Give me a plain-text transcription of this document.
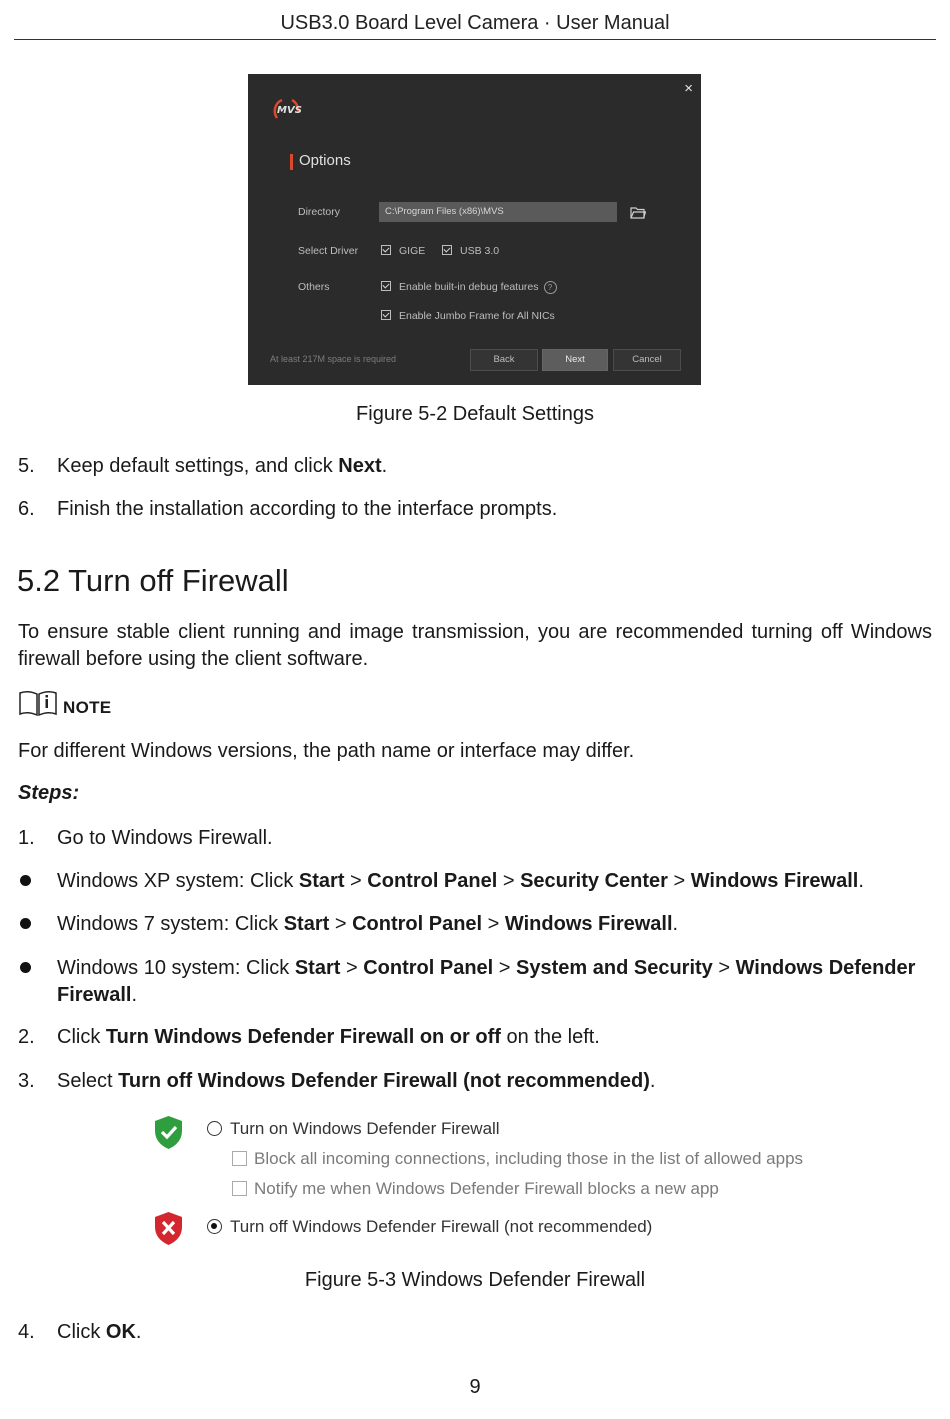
USB3.0 Board Level Camera · User Manual
MVS
×
Options
Directory	C:\Program Files (x86)\MVS
Select Driver	GIGE	USB 3.0
Others	Enable built-in debug features ?
Enable Jumbo Frame for All NICs
At least 217M space is required	Back	Next	Cancel
Figure 5-2 Default Settings
5. Keep default settings, and click Next.
6. Finish the installation according to the interface prompts.
5.2 Turn off Firewall
To ensure stable client running and image transmission, you are recommended turning off Windows firewall before using the client software.
NOTE
For different Windows versions, the path name or interface may differ.
Steps:
1. Go to Windows Firewall.
Windows XP system: Click Start > Control Panel > Security Center > Windows Firewall.
Windows 7 system: Click Start > Control Panel > Windows Firewall.
Windows 10 system: Click Start > Control Panel > System and Security > Windows Defender
Firewall.
2. Click Turn Windows Defender Firewall on or off on the left.
3. Select Turn off Windows Defender Firewall (not recommended).
Turn on Windows Defender Firewall
Block all incoming connections, including those in the list of allowed apps
Notify me when Windows Defender Firewall blocks a new app
Turn off Windows Defender Firewall (not recommended)
Figure 5-3 Windows Defender Firewall
4. Click OK.
9
